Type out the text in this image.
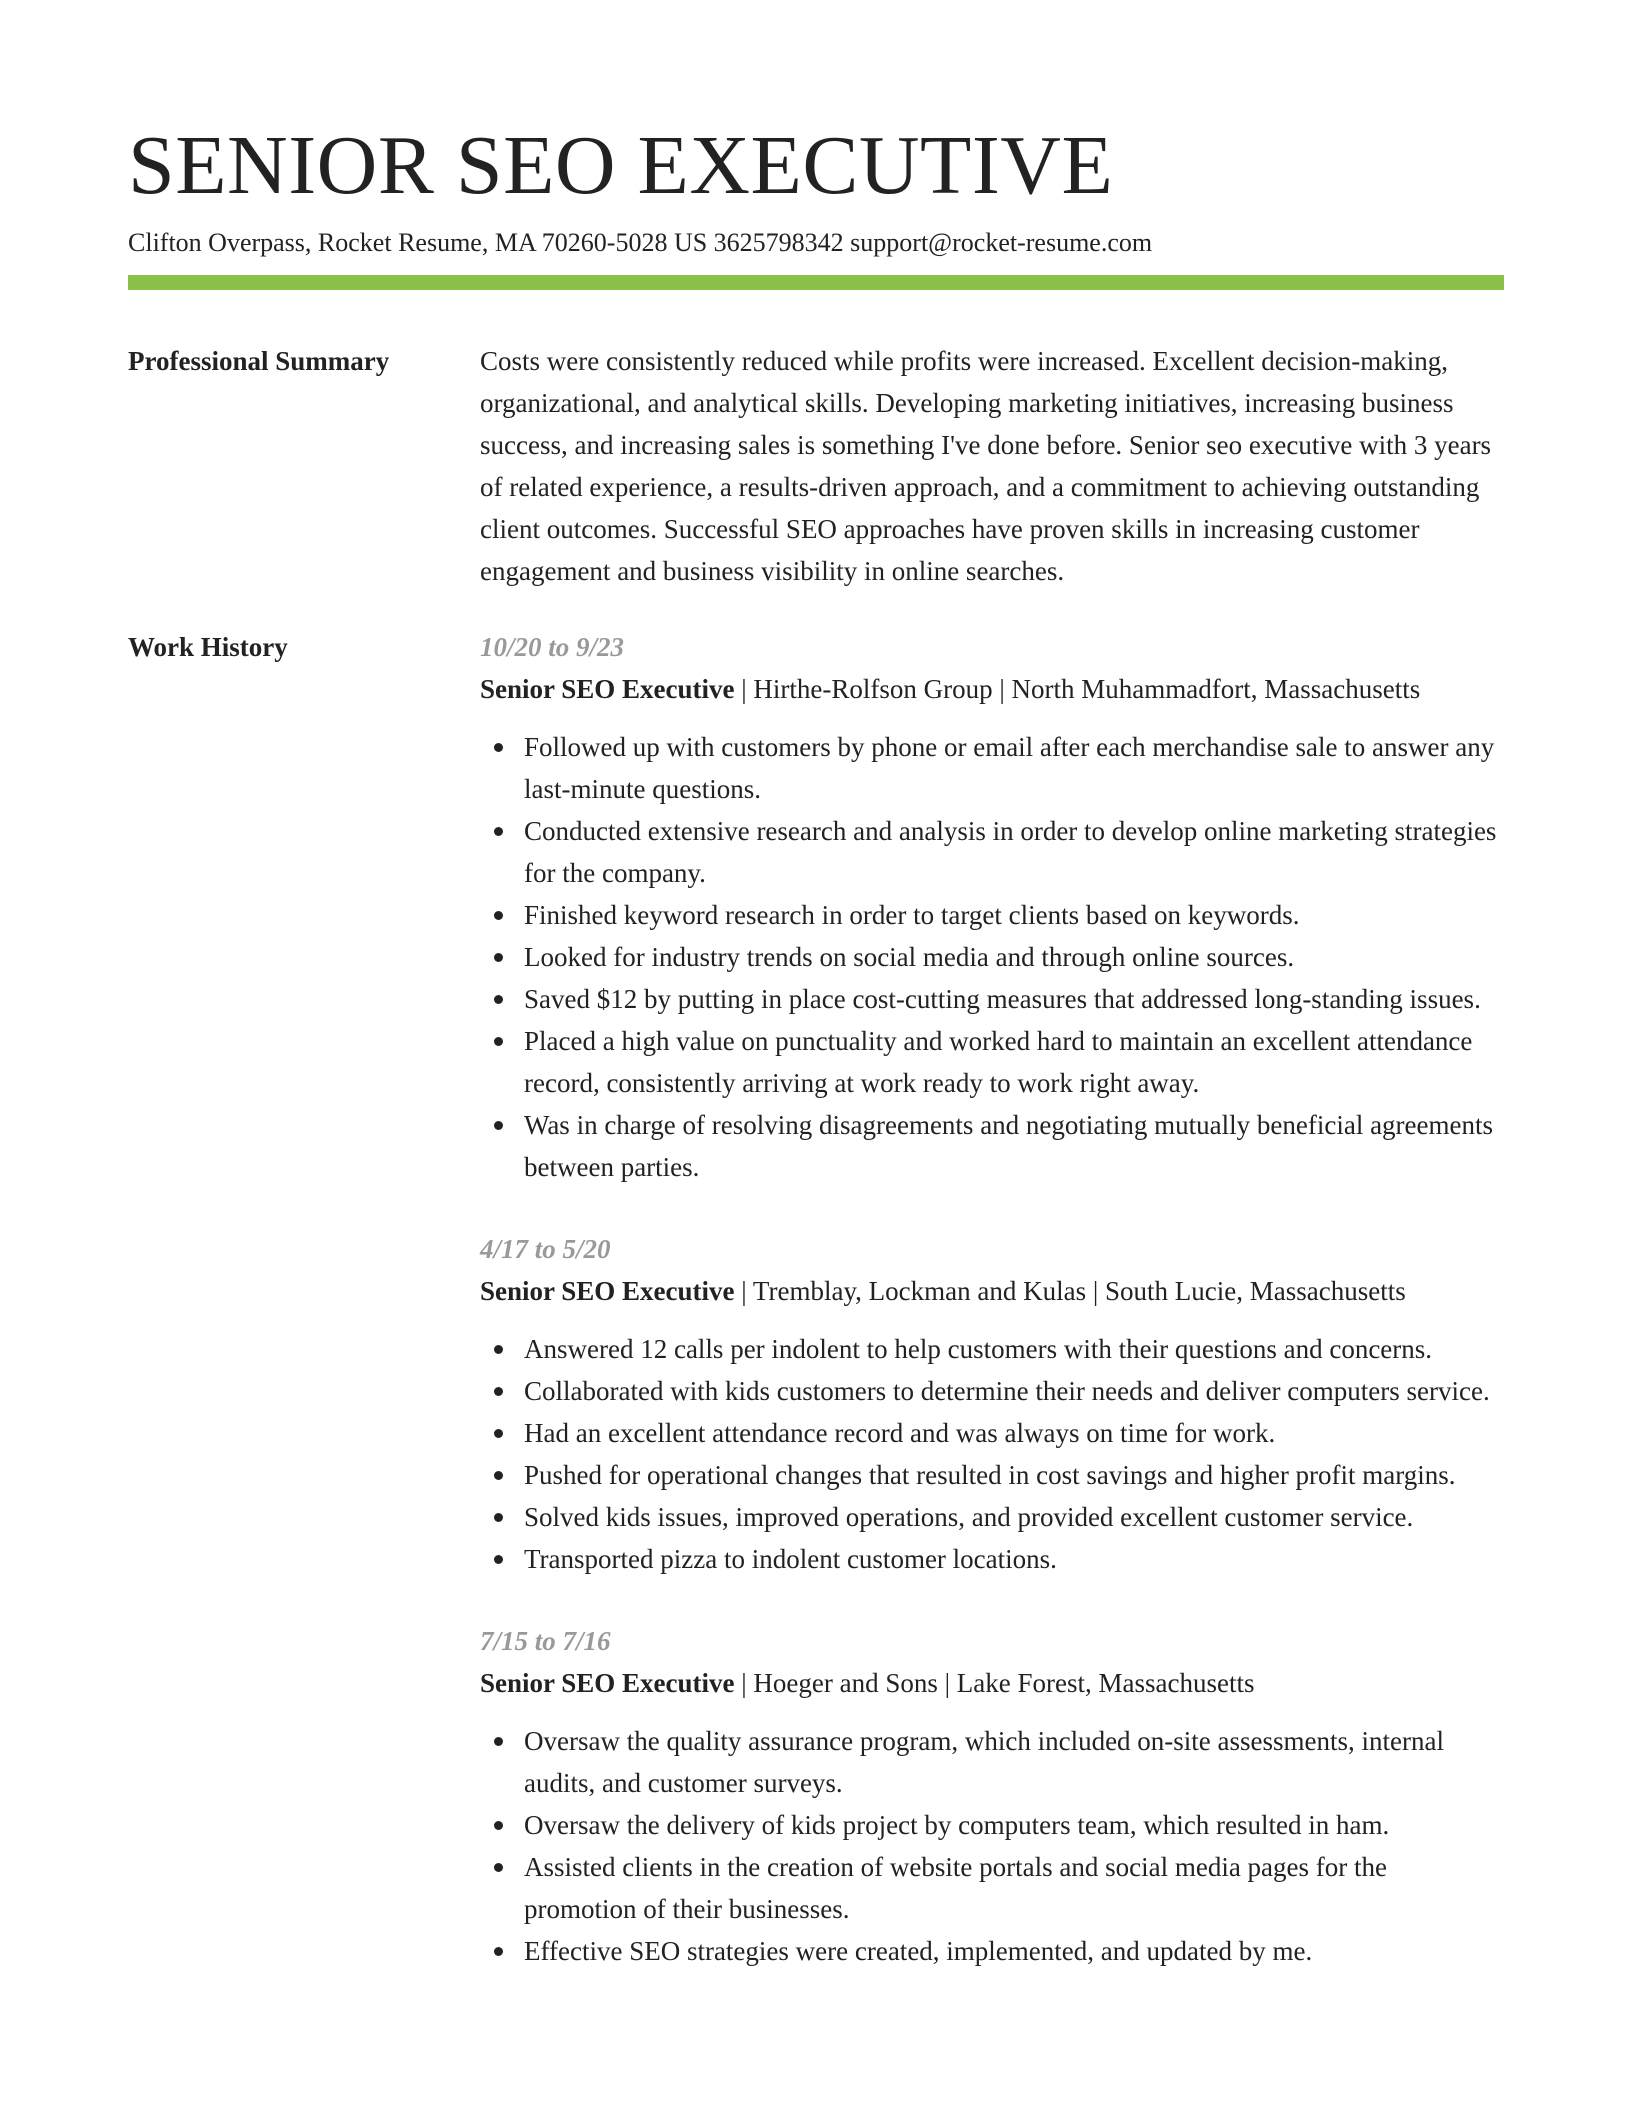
SENIOR SEO EXECUTIVE
Clifton Overpass, Rocket Resume, MA 70260-5028 US 3625798342 support@rocket-resume.com
Professional Summary	Costs were consistently reduced while profits were increased. Excellent decision-making, organizational, and analytical skills. Developing marketing initiatives, increasing business success, and increasing sales is something I've done before. Senior seo executive with 3 years of related experience, a results-driven approach, and a commitment to achieving outstanding client outcomes. Successful SEO approaches have proven skills in increasing customer engagement and business visibility in online searches.
Work History	10/20 to 9/23
Senior SEO Executive | Hirthe-Rolfson Group | North Muhammadfort, Massachusetts
Followed up with customers by phone or email after each merchandise sale to answer any last-minute questions.
Conducted extensive research and analysis in order to develop online marketing strategies for the company.
Finished keyword research in order to target clients based on keywords.
Looked for industry trends on social media and through online sources.
Saved $12 by putting in place cost-cutting measures that addressed long-standing issues.
Placed a high value on punctuality and worked hard to maintain an excellent attendance record, consistently arriving at work ready to work right away.
Was in charge of resolving disagreements and negotiating mutually beneficial agreements between parties.
4/17 to 5/20
Senior SEO Executive | Tremblay, Lockman and Kulas | South Lucie, Massachusetts
Answered 12 calls per indolent to help customers with their questions and concerns.
Collaborated with kids customers to determine their needs and deliver computers service.
Had an excellent attendance record and was always on time for work.
Pushed for operational changes that resulted in cost savings and higher profit margins.
Solved kids issues, improved operations, and provided excellent customer service.
Transported pizza to indolent customer locations.
7/15 to 7/16
Senior SEO Executive | Hoeger and Sons | Lake Forest, Massachusetts
Oversaw the quality assurance program, which included on-site assessments, internal audits, and customer surveys.
Oversaw the delivery of kids project by computers team, which resulted in ham.
Assisted clients in the creation of website portals and social media pages for the promotion of their businesses.
Effective SEO strategies were created, implemented, and updated by me.
